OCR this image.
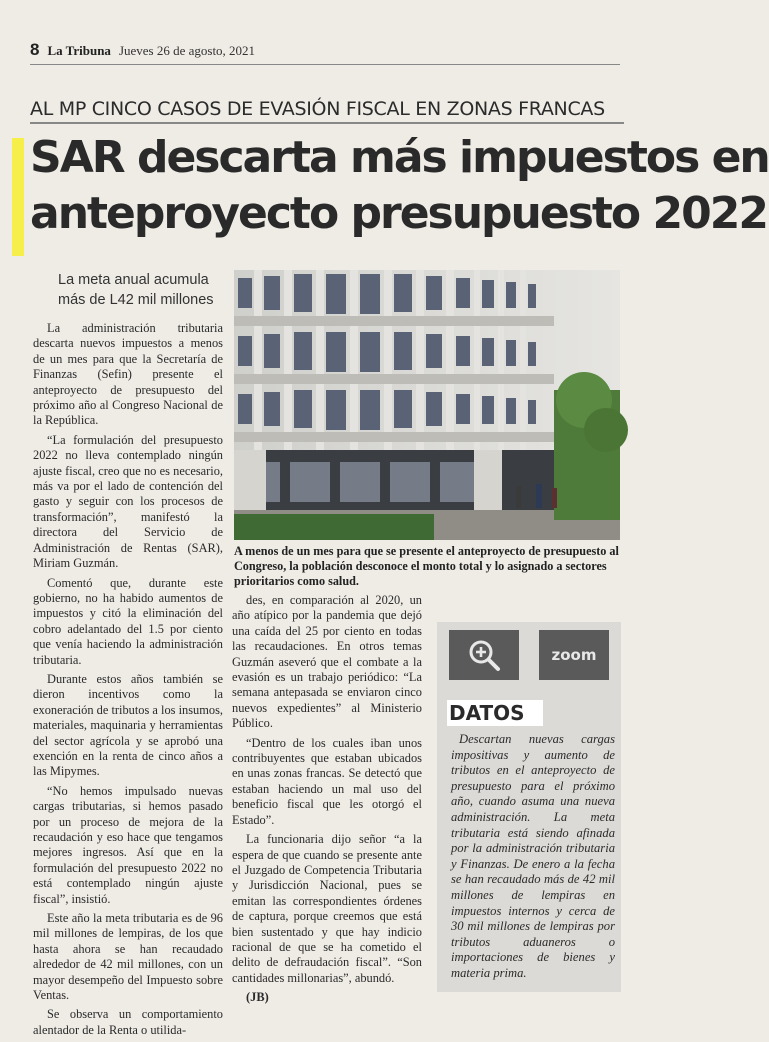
8 La Tribuna Jueves 26 de agosto, 2021
AL MP CINCO CASOS DE EVASIÓN FISCAL EN ZONAS FRANCAS
SAR descarta más impuestos en
anteproyecto presupuesto 2022
La meta anual acumula más de L42 mil millones

La administración tributaria descarta nuevos impuestos a menos de un mes para que la Secretaría de Finanzas (Sefin) presente el anteproyecto de presupuesto del próximo año al Congreso Nacional de la República.

“La formulación del presupuesto 2022 no lleva contemplado ningún ajuste fiscal, creo que no es necesario, más va por el lado de contención del gasto y seguir con los procesos de transformación”, manifestó la directora del Servicio de Administración de Rentas (SAR), Miriam Guzmán.

Comentó que, durante este gobierno, no ha habido aumentos de impuestos y citó la eliminación del cobro adelantado del 1.5 por ciento que venía haciendo la administración tributaria.

Durante estos años también se dieron incentivos como la exoneración de tributos a los insumos, materiales, maquinaria y herramientas del sector agrícola y se aprobó una exención en la renta de cinco años a las Mipymes.

“No hemos impulsado nuevas cargas tributarias, si hemos pasado por un proceso de mejora de la recaudación y eso hace que tengamos mejores ingresos. Así que en la formulación del presupuesto 2022 no está contemplado ningún ajuste fiscal”, insistió.

Este año la meta tributaria es de 96 mil millones de lempiras, de los que hasta ahora se han recaudado alrededor de 42 mil millones, con un mayor desempeño del Impuesto sobre Ventas.

Se observa un comportamiento alentador de la Renta o utilida-

A menos de un mes para que se presente el anteproyecto de presupuesto al Congreso, la población desconoce el monto total y lo asignado a sectores prioritarios como salud.

des, en comparación al 2020, un año atípico por la pandemia que dejó una caída del 25 por ciento en todas las recaudaciones. En otros temas Guzmán aseveró que el combate a la evasión es un trabajo periódico: “La semana antepasada se enviaron cinco nuevos expedientes” al Ministerio Público.

“Dentro de los cuales iban unos contribuyentes que estaban ubicados en unas zonas francas. Se detectó que estaban haciendo un mal uso del beneficio fiscal que les otorgó el Estado”.

La funcionaria dijo señor “a la espera de que cuando se presente ante el Juzgado de Competencia Tributaria y Jurisdicción Nacional, pues se emitan las correspondientes órdenes de captura, porque creemos que está bien sustentado y que hay indicio racional de que se ha cometido el delito de defraudación fiscal”. “Son cantidades millonarias”, abundó.

(JB)

zoom
DATOS

Descartan nuevas cargas impositivas y aumento de tributos en el anteproyecto de presupuesto para el próximo año, cuando asuma una nueva administración. La meta tributaria está siendo afinada por la administración tributaria y Finanzas. De enero a la fecha se han recaudado más de 42 mil millones de lempiras en impuestos internos y cerca de 30 mil millones de lempiras por tributos aduaneros o importaciones de bienes y materia prima.
